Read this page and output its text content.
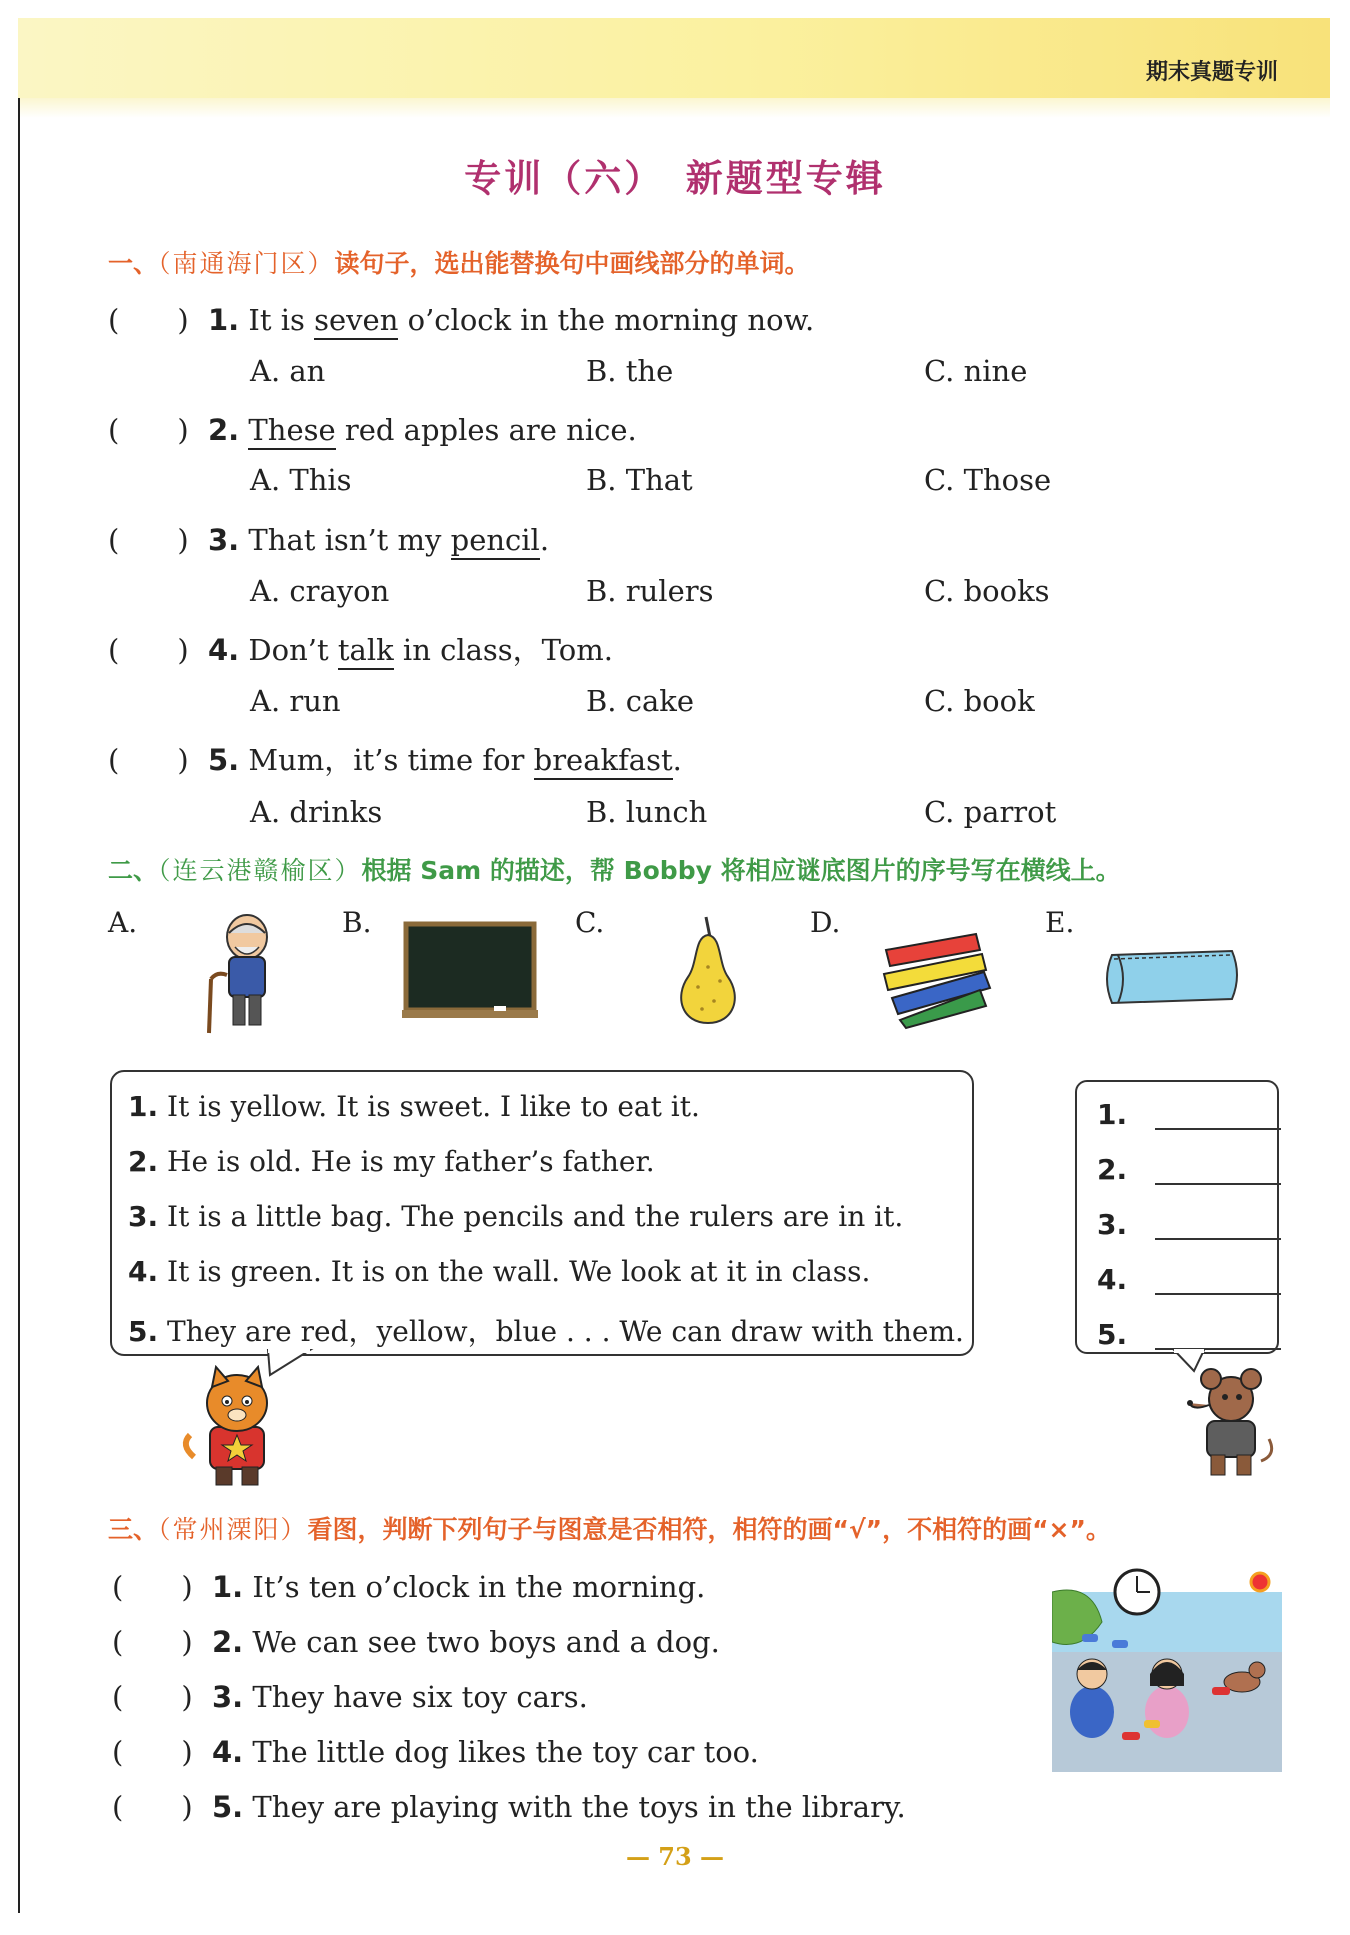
期末真题专训
专训（六）　新题型专辑
一、（南通海门区）读句子，选出能替换句中画线部分的单词。
(　　) 1. It is seven o’clock in the morning now.
A. an	B. the	C. nine
(　　) 2. These red apples are nice.
A. This	B. That	C. Those
(　　) 3. That isn’t my pencil.
A. crayon	B. rulers	C. books
(　　) 4. Don’t talk in class，Tom.
A. run	B. cake	C. book
(　　) 5. Mum，it’s time for breakfast.
A. drinks	B. lunch	C. parrot
二、（连云港赣榆区）根据 Sam 的描述，帮 Bobby 将相应谜底图片的序号写在横线上。
A.	B.	C.	D.	E.
1. It is yellow. It is sweet. I like to eat it.
2. He is old. He is my father’s father.
3. It is a little bag. The pencils and the rulers are in it.
4. It is green. It is on the wall. We look at it in class.
5. They are red，yellow，blue . . . We can draw with them.
1.
2.
3.
4.
5.
三、（常州溧阳）看图，判断下列句子与图意是否相符，相符的画“√”，不相符的画“×”。
(　　) 1. It’s ten o’clock in the morning.
(　　) 2. We can see two boys and a dog.
(　　) 3. They have six toy cars.
(　　) 4. The little dog likes the toy car too.
(　　) 5. They are playing with the toys in the library.
— 73 —
